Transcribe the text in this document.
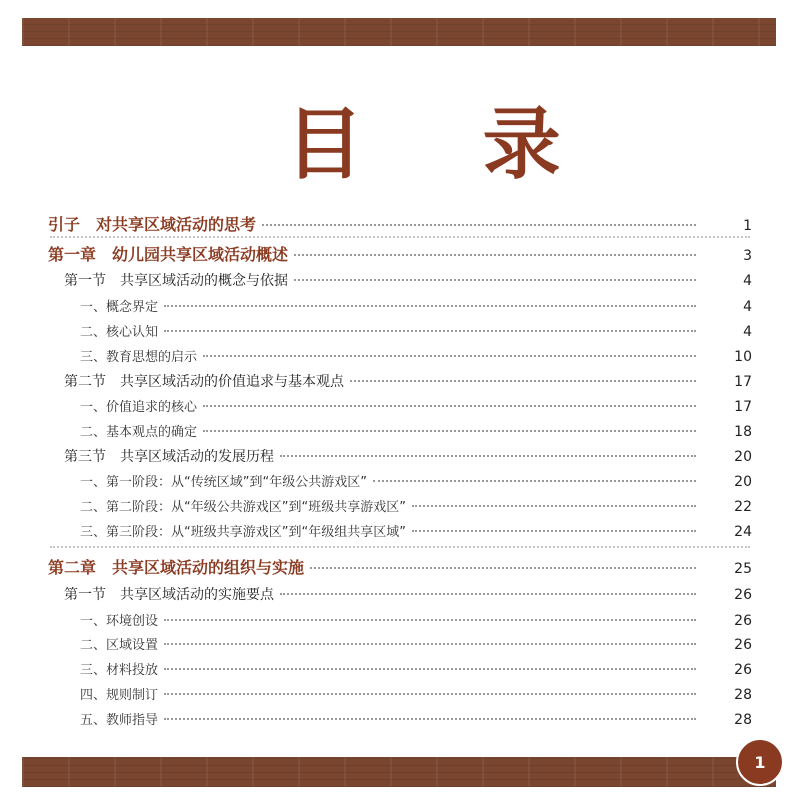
目 录
引子　对共享区域活动的思考	1
第一章　幼儿园共享区域活动概述	3
第一节　共享区域活动的概念与依据	4
一、概念界定	4
二、核心认知	4
三、教育思想的启示	10
第二节　共享区域活动的价值追求与基本观点	17
一、价值追求的核心	17
二、基本观点的确定	18
第三节　共享区域活动的发展历程	20
一、第一阶段：从“传统区域”到“年级公共游戏区”	20
二、第二阶段：从“年级公共游戏区”到“班级共享游戏区”	22
三、第三阶段：从“班级共享游戏区”到“年级组共享区域”	24
第二章　共享区域活动的组织与实施	25
第一节　共享区域活动的实施要点	26
一、环境创设	26
二、区域设置	26
三、材料投放	26
四、规则制订	28
五、教师指导	28
1
